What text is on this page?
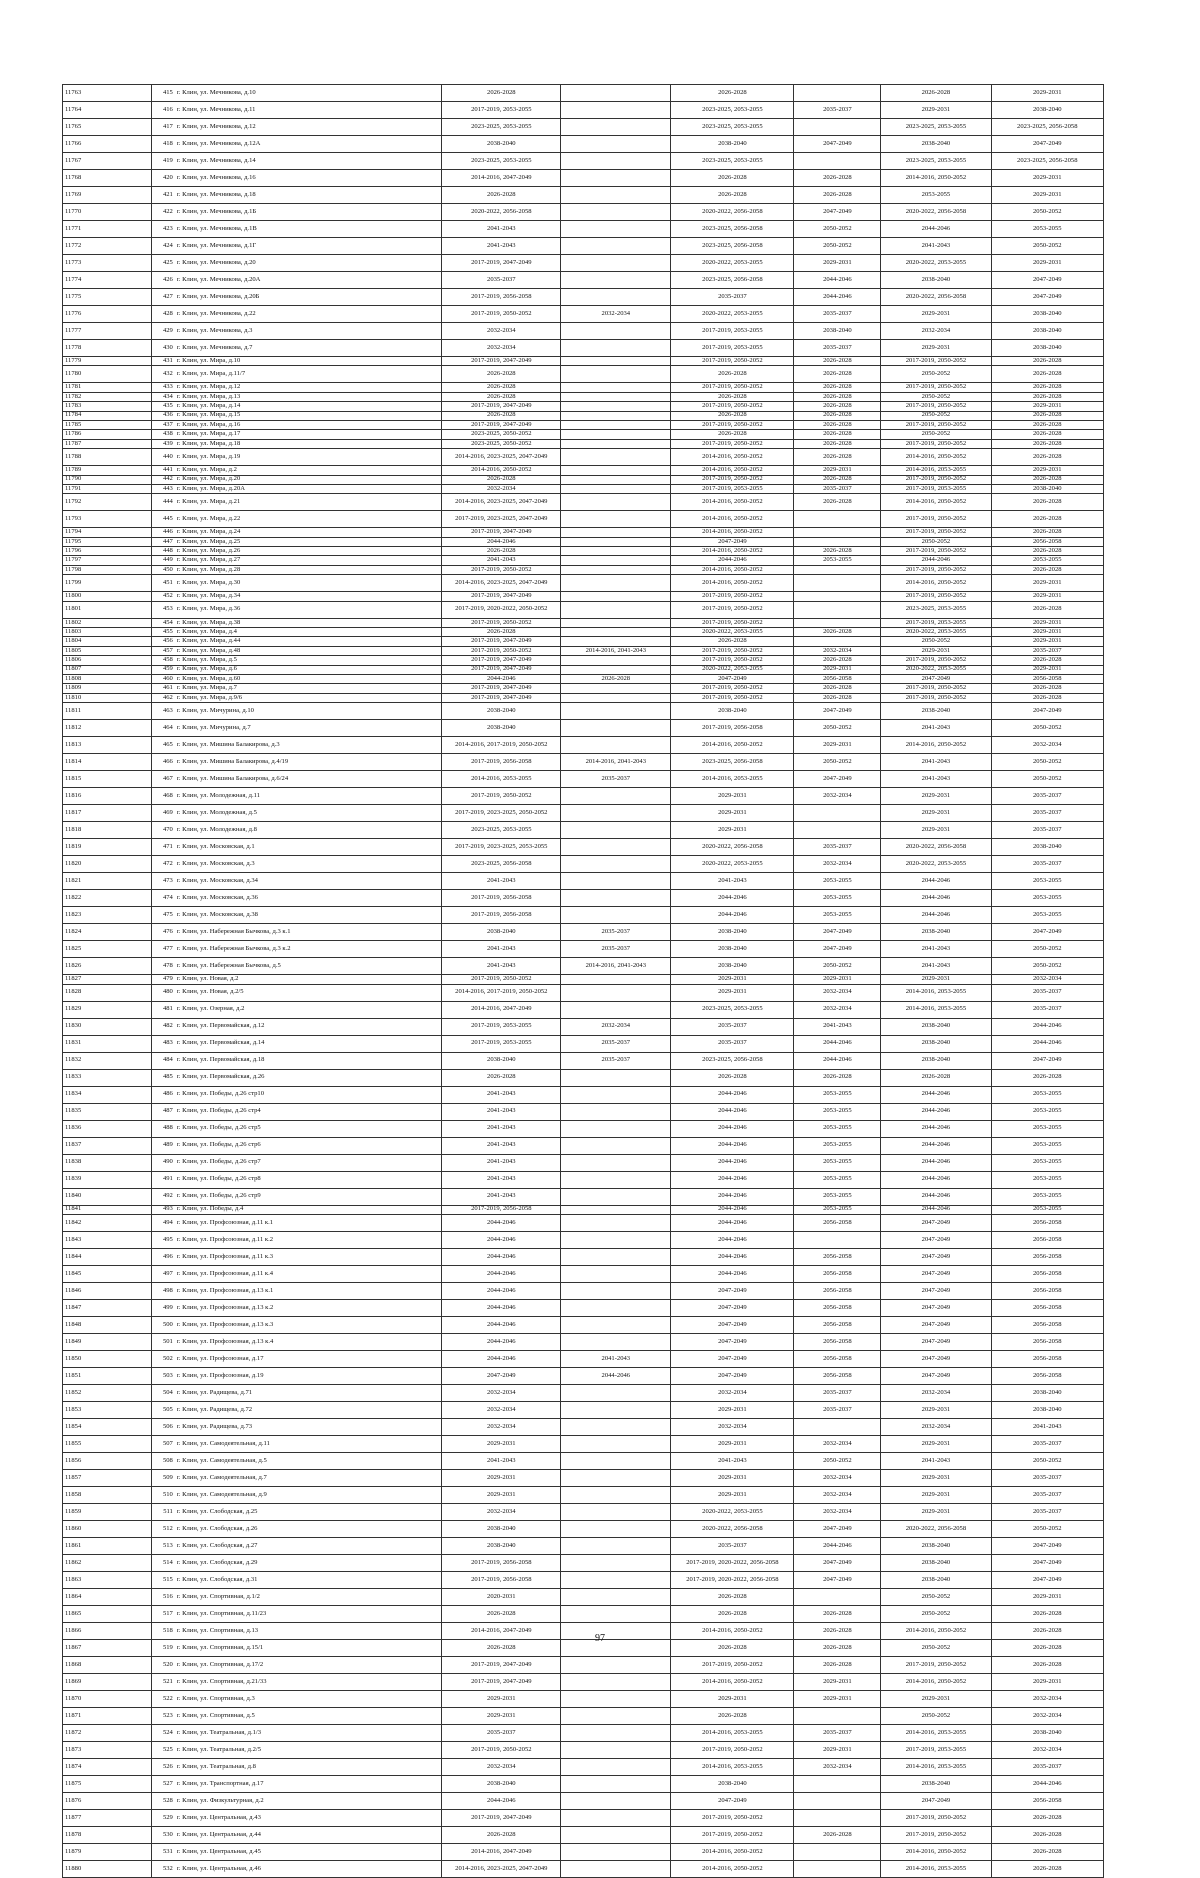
11763	415	г. Клин, ул. Мечникова, д.10	2026-2028		2026-2028		2026-2028	2029-2031
11764	416	г. Клин, ул. Мечникова, д.11	2017-2019, 2053-2055		2023-2025, 2053-2055	2035-2037	2029-2031	2038-2040
11765	417	г. Клин, ул. Мечникова, д.12	2023-2025, 2053-2055		2023-2025, 2053-2055		2023-2025, 2053-2055	2023-2025, 2056-2058
11766	418	г. Клин, ул. Мечникова, д.12А	2038-2040		2038-2040	2047-2049	2038-2040	2047-2049
11767	419	г. Клин, ул. Мечникова, д.14	2023-2025, 2053-2055		2023-2025, 2053-2055		2023-2025, 2053-2055	2023-2025, 2056-2058
11768	420	г. Клин, ул. Мечникова, д.16	2014-2016, 2047-2049		2026-2028	2026-2028	2014-2016, 2050-2052	2029-2031
11769	421	г. Клин, ул. Мечникова, д.18	2026-2028		2026-2028	2026-2028	2053-2055	2029-2031
11770	422	г. Клин, ул. Мечникова, д.1Б	2020-2022, 2056-2058		2020-2022, 2056-2058	2047-2049	2020-2022, 2056-2058	2050-2052
11771	423	г. Клин, ул. Мечникова, д.1В	2041-2043		2023-2025, 2056-2058	2050-2052	2044-2046	2053-2055
11772	424	г. Клин, ул. Мечникова, д.1Г	2041-2043		2023-2025, 2056-2058	2050-2052	2041-2043	2050-2052
11773	425	г. Клин, ул. Мечникова, д.20	2017-2019, 2047-2049		2020-2022, 2053-2055	2029-2031	2020-2022, 2053-2055	2029-2031
11774	426	г. Клин, ул. Мечникова, д.20А	2035-2037		2023-2025, 2056-2058	2044-2046	2038-2040	2047-2049
11775	427	г. Клин, ул. Мечникова, д.20Б	2017-2019, 2056-2058		2035-2037	2044-2046	2020-2022, 2056-2058	2047-2049
11776	428	г. Клин, ул. Мечникова, д.22	2017-2019, 2050-2052	2032-2034	2020-2022, 2053-2055	2035-2037	2029-2031	2038-2040
11777	429	г. Клин, ул. Мечникова, д.3	2032-2034		2017-2019, 2053-2055	2038-2040	2032-2034	2038-2040
11778	430	г. Клин, ул. Мечникова, д.7	2032-2034		2017-2019, 2053-2055	2035-2037	2029-2031	2038-2040
11779	431	г. Клин, ул. Мира, д.10	2017-2019, 2047-2049		2017-2019, 2050-2052	2026-2028	2017-2019, 2050-2052	2026-2028
11780	432	г. Клин, ул. Мира, д.11/7	2026-2028		2026-2028	2026-2028	2050-2052	2026-2028
11781	433	г. Клин, ул. Мира, д.12	2026-2028		2017-2019, 2050-2052	2026-2028	2017-2019, 2050-2052	2026-2028
11782	434	г. Клин, ул. Мира, д.13	2026-2028		2026-2028	2026-2028	2050-2052	2026-2028
11783	435	г. Клин, ул. Мира, д.14	2017-2019, 2047-2049		2017-2019, 2050-2052	2026-2028	2017-2019, 2050-2052	2029-2031
11784	436	г. Клин, ул. Мира, д.15	2026-2028		2026-2028	2026-2028	2050-2052	2026-2028
11785	437	г. Клин, ул. Мира, д.16	2017-2019, 2047-2049		2017-2019, 2050-2052	2026-2028	2017-2019, 2050-2052	2026-2028
11786	438	г. Клин, ул. Мира, д.17	2023-2025, 2050-2052		2026-2028	2026-2028	2050-2052	2026-2028
11787	439	г. Клин, ул. Мира, д.18	2023-2025, 2050-2052		2017-2019, 2050-2052	2026-2028	2017-2019, 2050-2052	2026-2028
11788	440	г. Клин, ул. Мира, д.19	2014-2016, 2023-2025, 2047-2049		2014-2016, 2050-2052	2026-2028	2014-2016, 2050-2052	2026-2028
11789	441	г. Клин, ул. Мира, д.2	2014-2016, 2050-2052		2014-2016, 2050-2052	2029-2031	2014-2016, 2053-2055	2029-2031
11790	442	г. Клин, ул. Мира, д.20	2026-2028		2017-2019, 2050-2052	2026-2028	2017-2019, 2050-2052	2026-2028
11791	443	г. Клин, ул. Мира, д.20А	2032-2034		2017-2019, 2053-2055	2035-2037	2017-2019, 2053-2055	2038-2040
11792	444	г. Клин, ул. Мира, д.21	2014-2016, 2023-2025, 2047-2049		2014-2016, 2050-2052	2026-2028	2014-2016, 2050-2052	2026-2028
11793	445	г. Клин, ул. Мира, д.22	2017-2019, 2023-2025, 2047-2049		2014-2016, 2050-2052		2017-2019, 2050-2052	2026-2028
11794	446	г. Клин, ул. Мира, д.24	2017-2019, 2047-2049		2014-2016, 2050-2052		2017-2019, 2050-2052	2026-2028
11795	447	г. Клин, ул. Мира, д.25	2044-2046		2047-2049		2050-2052	2056-2058
11796	448	г. Клин, ул. Мира, д.26	2026-2028		2014-2016, 2050-2052	2026-2028	2017-2019, 2050-2052	2026-2028
11797	449	г. Клин, ул. Мира, д.27	2041-2043		2044-2046	2053-2055	2044-2046	2053-2055
11798	450	г. Клин, ул. Мира, д.28	2017-2019, 2050-2052		2014-2016, 2050-2052		2017-2019, 2050-2052	2026-2028
11799	451	г. Клин, ул. Мира, д.30	2014-2016, 2023-2025, 2047-2049		2014-2016, 2050-2052		2014-2016, 2050-2052	2029-2031
11800	452	г. Клин, ул. Мира, д.34	2017-2019, 2047-2049		2017-2019, 2050-2052		2017-2019, 2050-2052	2029-2031
11801	453	г. Клин, ул. Мира, д.36	2017-2019, 2020-2022, 2050-2052		2017-2019, 2050-2052		2023-2025, 2053-2055	2026-2028
11802	454	г. Клин, ул. Мира, д.38	2017-2019, 2050-2052		2017-2019, 2050-2052		2017-2019, 2053-2055	2029-2031
11803	455	г. Клин, ул. Мира, д.4	2026-2028		2020-2022, 2053-2055	2026-2028	2020-2022, 2053-2055	2029-2031
11804	456	г. Клин, ул. Мира, д.44	2017-2019, 2047-2049		2026-2028		2050-2052	2029-2031
11805	457	г. Клин, ул. Мира, д.48	2017-2019, 2050-2052	2014-2016, 2041-2043	2017-2019, 2050-2052	2032-2034	2029-2031	2035-2037
11806	458	г. Клин, ул. Мира, д.5	2017-2019, 2047-2049		2017-2019, 2050-2052	2026-2028	2017-2019, 2050-2052	2026-2028
11807	459	г. Клин, ул. Мира, д.6	2017-2019, 2047-2049		2020-2022, 2053-2055	2029-2031	2020-2022, 2053-2055	2029-2031
11808	460	г. Клин, ул. Мира, д.60	2044-2046	2026-2028	2047-2049	2056-2058	2047-2049	2056-2058
11809	461	г. Клин, ул. Мира, д.7	2017-2019, 2047-2049		2017-2019, 2050-2052	2026-2028	2017-2019, 2050-2052	2026-2028
11810	462	г. Клин, ул. Мира, д.9/6	2017-2019, 2047-2049		2017-2019, 2050-2052	2026-2028	2017-2019, 2050-2052	2026-2028
11811	463	г. Клин, ул. Мичурина, д.10	2038-2040		2038-2040	2047-2049	2038-2040	2047-2049
11812	464	г. Клин, ул. Мичурина, д.7	2038-2040		2017-2019, 2056-2058	2050-2052	2041-2043	2050-2052
11813	465	г. Клин, ул. Мишина Балакирова, д.3	2014-2016, 2017-2019, 2050-2052		2014-2016, 2050-2052	2029-2031	2014-2016, 2050-2052	2032-2034
11814	466	г. Клин, ул. Мишина Балакирова, д.4/19	2017-2019, 2056-2058	2014-2016, 2041-2043	2023-2025, 2056-2058	2050-2052	2041-2043	2050-2052
11815	467	г. Клин, ул. Мишина Балакирова, д.6/24	2014-2016, 2053-2055	2035-2037	2014-2016, 2053-2055	2047-2049	2041-2043	2050-2052
11816	468	г. Клин, ул. Молодежная, д.11	2017-2019, 2050-2052		2029-2031	2032-2034	2029-2031	2035-2037
11817	469	г. Клин, ул. Молодежная, д.5	2017-2019, 2023-2025, 2050-2052		2029-2031		2029-2031	2035-2037
11818	470	г. Клин, ул. Молодежная, д.8	2023-2025, 2053-2055		2029-2031		2029-2031	2035-2037
11819	471	г. Клин, ул. Московская, д.1	2017-2019, 2023-2025, 2053-2055		2020-2022, 2056-2058	2035-2037	2020-2022, 2056-2058	2038-2040
11820	472	г. Клин, ул. Московская, д.3	2023-2025, 2056-2058		2020-2022, 2053-2055	2032-2034	2020-2022, 2053-2055	2035-2037
11821	473	г. Клин, ул. Московская, д.34	2041-2043		2041-2043	2053-2055	2044-2046	2053-2055
11822	474	г. Клин, ул. Московская, д.36	2017-2019, 2056-2058		2044-2046	2053-2055	2044-2046	2053-2055
11823	475	г. Клин, ул. Московская, д.38	2017-2019, 2056-2058		2044-2046	2053-2055	2044-2046	2053-2055
11824	476	г. Клин, ул. Набережная Бычкова, д.3 к.1	2038-2040	2035-2037	2038-2040	2047-2049	2038-2040	2047-2049
11825	477	г. Клин, ул. Набережная Бычкова, д.3 к.2	2041-2043	2035-2037	2038-2040	2047-2049	2041-2043	2050-2052
11826	478	г. Клин, ул. Набережная Бычкова, д.5	2041-2043	2014-2016, 2041-2043	2038-2040	2050-2052	2041-2043	2050-2052
11827	479	г. Клин, ул. Новая, д.2	2017-2019, 2050-2052		2029-2031	2029-2031	2029-2031	2032-2034
11828	480	г. Клин, ул. Новая, д.2/5	2014-2016, 2017-2019, 2050-2052		2029-2031	2032-2034	2014-2016, 2053-2055	2035-2037
11829	481	г. Клин, ул. Озерная, д.2	2014-2016, 2047-2049		2023-2025, 2053-2055	2032-2034	2014-2016, 2053-2055	2035-2037
11830	482	г. Клин, ул. Первомайская, д.12	2017-2019, 2053-2055	2032-2034	2035-2037	2041-2043	2038-2040	2044-2046
11831	483	г. Клин, ул. Первомайская, д.14	2017-2019, 2053-2055	2035-2037	2035-2037	2044-2046	2038-2040	2044-2046
11832	484	г. Клин, ул. Первомайская, д.18	2038-2040	2035-2037	2023-2025, 2056-2058	2044-2046	2038-2040	2047-2049
11833	485	г. Клин, ул. Первомайская, д.26	2026-2028		2026-2028	2026-2028	2026-2028	2026-2028
11834	486	г. Клин, ул. Победы, д.26 стр10	2041-2043		2044-2046	2053-2055	2044-2046	2053-2055
11835	487	г. Клин, ул. Победы, д.26 стр4	2041-2043		2044-2046	2053-2055	2044-2046	2053-2055
11836	488	г. Клин, ул. Победы, д.26 стр5	2041-2043		2044-2046	2053-2055	2044-2046	2053-2055
11837	489	г. Клин, ул. Победы, д.26 стр6	2041-2043		2044-2046	2053-2055	2044-2046	2053-2055
11838	490	г. Клин, ул. Победы, д.26 стр7	2041-2043		2044-2046	2053-2055	2044-2046	2053-2055
11839	491	г. Клин, ул. Победы, д.26 стр8	2041-2043		2044-2046	2053-2055	2044-2046	2053-2055
11840	492	г. Клин, ул. Победы, д.26 стр9	2041-2043		2044-2046	2053-2055	2044-2046	2053-2055
11841	493	г. Клин, ул. Победы, д.4	2017-2019, 2056-2058		2044-2046	2053-2055	2044-2046	2053-2055
11842	494	г. Клин, ул. Профсоюзная, д.11 к.1	2044-2046		2044-2046	2056-2058	2047-2049	2056-2058
11843	495	г. Клин, ул. Профсоюзная, д.11 к.2	2044-2046		2044-2046		2047-2049	2056-2058
11844	496	г. Клин, ул. Профсоюзная, д.11 к.3	2044-2046		2044-2046	2056-2058	2047-2049	2056-2058
11845	497	г. Клин, ул. Профсоюзная, д.11 к.4	2044-2046		2044-2046	2056-2058	2047-2049	2056-2058
11846	498	г. Клин, ул. Профсоюзная, д.13 к.1	2044-2046		2047-2049	2056-2058	2047-2049	2056-2058
11847	499	г. Клин, ул. Профсоюзная, д.13 к.2	2044-2046		2047-2049	2056-2058	2047-2049	2056-2058
11848	500	г. Клин, ул. Профсоюзная, д.13 к.3	2044-2046		2047-2049	2056-2058	2047-2049	2056-2058
11849	501	г. Клин, ул. Профсоюзная, д.13 к.4	2044-2046		2047-2049	2056-2058	2047-2049	2056-2058
11850	502	г. Клин, ул. Профсоюзная, д.17	2044-2046	2041-2043	2047-2049	2056-2058	2047-2049	2056-2058
11851	503	г. Клин, ул. Профсоюзная, д.19	2047-2049	2044-2046	2047-2049	2056-2058	2047-2049	2056-2058
11852	504	г. Клин, ул. Радищева, д.71	2032-2034		2032-2034	2035-2037	2032-2034	2038-2040
11853	505	г. Клин, ул. Радищева, д.72	2032-2034		2029-2031	2035-2037	2029-2031	2038-2040
11854	506	г. Клин, ул. Радищева, д.73	2032-2034		2032-2034		2032-2034	2041-2043
11855	507	г. Клин, ул. Самодеятельная, д.11	2029-2031		2029-2031	2032-2034	2029-2031	2035-2037
11856	508	г. Клин, ул. Самодеятельная, д.5	2041-2043		2041-2043	2050-2052	2041-2043	2050-2052
11857	509	г. Клин, ул. Самодеятельная, д.7	2029-2031		2029-2031	2032-2034	2029-2031	2035-2037
11858	510	г. Клин, ул. Самодеятельная, д.9	2029-2031		2029-2031	2032-2034	2029-2031	2035-2037
11859	511	г. Клин, ул. Слободская, д.25	2032-2034		2020-2022, 2053-2055	2032-2034	2029-2031	2035-2037
11860	512	г. Клин, ул. Слободская, д.26	2038-2040		2020-2022, 2056-2058	2047-2049	2020-2022, 2056-2058	2050-2052
11861	513	г. Клин, ул. Слободская, д.27	2038-2040		2035-2037	2044-2046	2038-2040	2047-2049
11862	514	г. Клин, ул. Слободская, д.29	2017-2019, 2056-2058		2017-2019, 2020-2022, 2056-2058	2047-2049	2038-2040	2047-2049
11863	515	г. Клин, ул. Слободская, д.31	2017-2019, 2056-2058		2017-2019, 2020-2022, 2056-2058	2047-2049	2038-2040	2047-2049
11864	516	г. Клин, ул. Спортивная, д.1/2	2020-2031		2026-2028		2050-2052	2029-2031
11865	517	г. Клин, ул. Спортивная, д.11/23	2026-2028		2026-2028	2026-2028	2050-2052	2026-2028
11866	518	г. Клин, ул. Спортивная, д.13	2014-2016, 2047-2049		2014-2016, 2050-2052	2026-2028	2014-2016, 2050-2052	2026-2028
11867	519	г. Клин, ул. Спортивная, д.15/1	2026-2028		2026-2028	2026-2028	2050-2052	2026-2028
11868	520	г. Клин, ул. Спортивная, д.17/2	2017-2019, 2047-2049		2017-2019, 2050-2052	2026-2028	2017-2019, 2050-2052	2026-2028
11869	521	г. Клин, ул. Спортивная, д.21/33	2017-2019, 2047-2049		2014-2016, 2050-2052	2029-2031	2014-2016, 2050-2052	2029-2031
11870	522	г. Клин, ул. Спортивная, д.3	2029-2031		2029-2031	2029-2031	2029-2031	2032-2034
11871	523	г. Клин, ул. Спортивная, д.5	2029-2031		2026-2028		2050-2052	2032-2034
11872	524	г. Клин, ул. Театральная, д.1/3	2035-2037		2014-2016, 2053-2055	2035-2037	2014-2016, 2053-2055	2038-2040
11873	525	г. Клин, ул. Театральная, д.2/5	2017-2019, 2050-2052		2017-2019, 2050-2052	2029-2031	2017-2019, 2053-2055	2032-2034
11874	526	г. Клин, ул. Театральная, д.8	2032-2034		2014-2016, 2053-2055	2032-2034	2014-2016, 2053-2055	2035-2037
11875	527	г. Клин, ул. Транспортная, д.17	2038-2040		2038-2040		2038-2040	2044-2046
11876	528	г. Клин, ул. Физкультурная, д.2	2044-2046		2047-2049		2047-2049	2056-2058
11877	529	г. Клин, ул. Центральная, д.43	2017-2019, 2047-2049		2017-2019, 2050-2052		2017-2019, 2050-2052	2026-2028
11878	530	г. Клин, ул. Центральная, д.44	2026-2028		2017-2019, 2050-2052	2026-2028	2017-2019, 2050-2052	2026-2028
11879	531	г. Клин, ул. Центральная, д.45	2014-2016, 2047-2049		2014-2016, 2050-2052		2014-2016, 2050-2052	2026-2028
11880	532	г. Клин, ул. Центральная, д.46	2014-2016, 2023-2025, 2047-2049		2014-2016, 2050-2052		2014-2016, 2053-2055	2026-2028
97
